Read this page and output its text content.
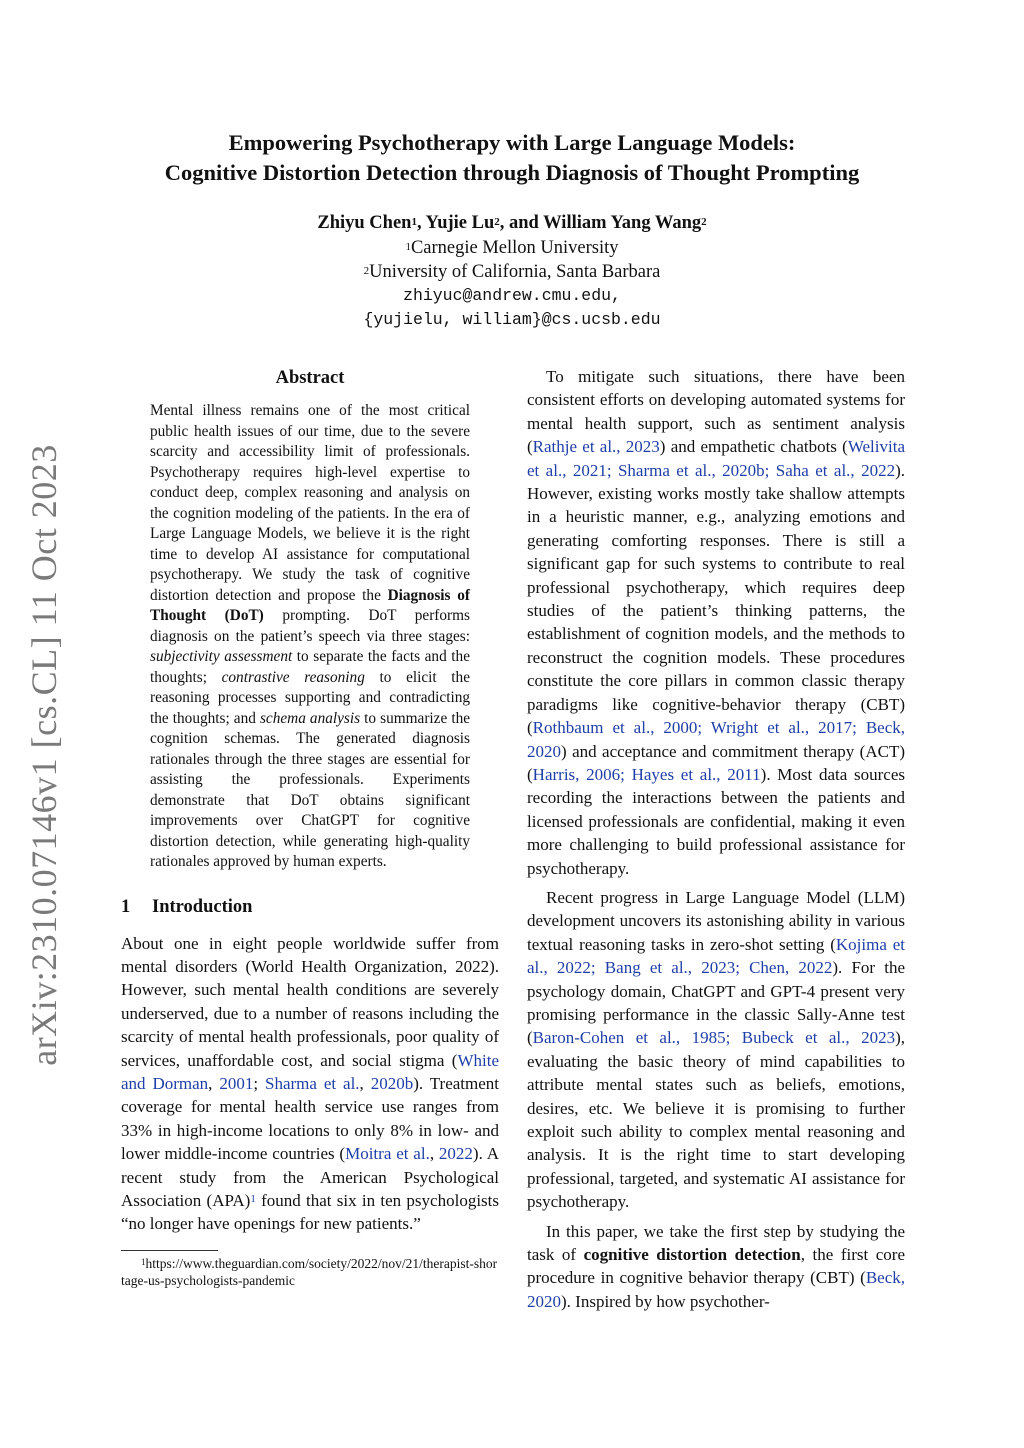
arXiv:2310.07146v1 [cs.CL] 11 Oct 2023
Empowering Psychotherapy with Large Language Models:
Cognitive Distortion Detection through Diagnosis of Thought Prompting
Zhiyu Chen$^1$, Yujie Lu$^2$, and William Yang Wang$^2$
$^1$Carnegie Mellon University
$^2$University of California, Santa Barbara
zhiyuc@andrew.cmu.edu,
{yujielu, william}@cs.ucsb.edu
Abstract

Mental illness remains one of the most critical public health issues of our time, due to the severe scarcity and accessibility limit of professionals. Psychotherapy requires high-level expertise to conduct deep, complex reasoning and analysis on the cognition modeling of the patients. In the era of Large Language Models, we believe it is the right time to develop AI assistance for computational psychotherapy. We study the task of cognitive distortion detection and propose the Diagnosis of Thought (DoT) prompting. DoT performs diagnosis on the patient’s speech via three stages: subjectivity assessment to separate the facts and the thoughts; contrastive reasoning to elicit the reasoning processes supporting and contradicting the thoughts; and schema analysis to summarize the cognition schemas. The generated diagnosis rationales through the three stages are essential for assisting the professionals. Experiments demonstrate that DoT obtains significant improvements over ChatGPT for cognitive distortion detection, while generating high-quality rationales approved by human experts.

1 Introduction

About one in eight people worldwide suffer from mental disorders (World Health Organization, 2022). However, such mental health conditions are severely underserved, due to a number of reasons including the scarcity of mental health professionals, poor quality of services, unaffordable cost, and social stigma (White and Dorman, 2001; Sharma et al., 2020b). Treatment coverage for mental health service use ranges from 33% in high-income locations to only 8% in low- and lower middle-income countries (Moitra et al., 2022). A recent study from the American Psychological Association (APA)$^1$ found that six in ten psychologists “no longer have openings for new patients.”

$^1$https://www.theguardian.com/society/2022/nov/21/therapist-shortage-us-psychologists-pandemic

To mitigate such situations, there have been consistent efforts on developing automated systems for mental health support, such as sentiment analysis (Rathje et al., 2023) and empathetic chatbots (Welivita et al., 2021; Sharma et al., 2020b; Saha et al., 2022). However, existing works mostly take shallow attempts in a heuristic manner, e.g., analyzing emotions and generating comforting responses. There is still a significant gap for such systems to contribute to real professional psychotherapy, which requires deep studies of the patient’s thinking patterns, the establishment of cognition models, and the methods to reconstruct the cognition models. These procedures constitute the core pillars in common classic therapy paradigms like cognitive-behavior therapy (CBT) (Rothbaum et al., 2000; Wright et al., 2017; Beck, 2020) and acceptance and commitment therapy (ACT) (Harris, 2006; Hayes et al., 2011). Most data sources recording the interactions between the patients and licensed professionals are confidential, making it even more challenging to build professional assistance for psychotherapy.

Recent progress in Large Language Model (LLM) development uncovers its astonishing ability in various textual reasoning tasks in zero-shot setting (Kojima et al., 2022; Bang et al., 2023; Chen, 2022). For the psychology domain, ChatGPT and GPT-4 present very promising performance in the classic Sally-Anne test (Baron-Cohen et al., 1985; Bubeck et al., 2023), evaluating the basic theory of mind capabilities to attribute mental states such as beliefs, emotions, desires, etc. We believe it is promising to further exploit such ability to complex mental reasoning and analysis. It is the right time to start developing professional, targeted, and systematic AI assistance for psychotherapy.

In this paper, we take the first step by studying the task of cognitive distortion detection, the first core procedure in cognitive behavior therapy (CBT) (Beck, 2020). Inspired by how psychother-
